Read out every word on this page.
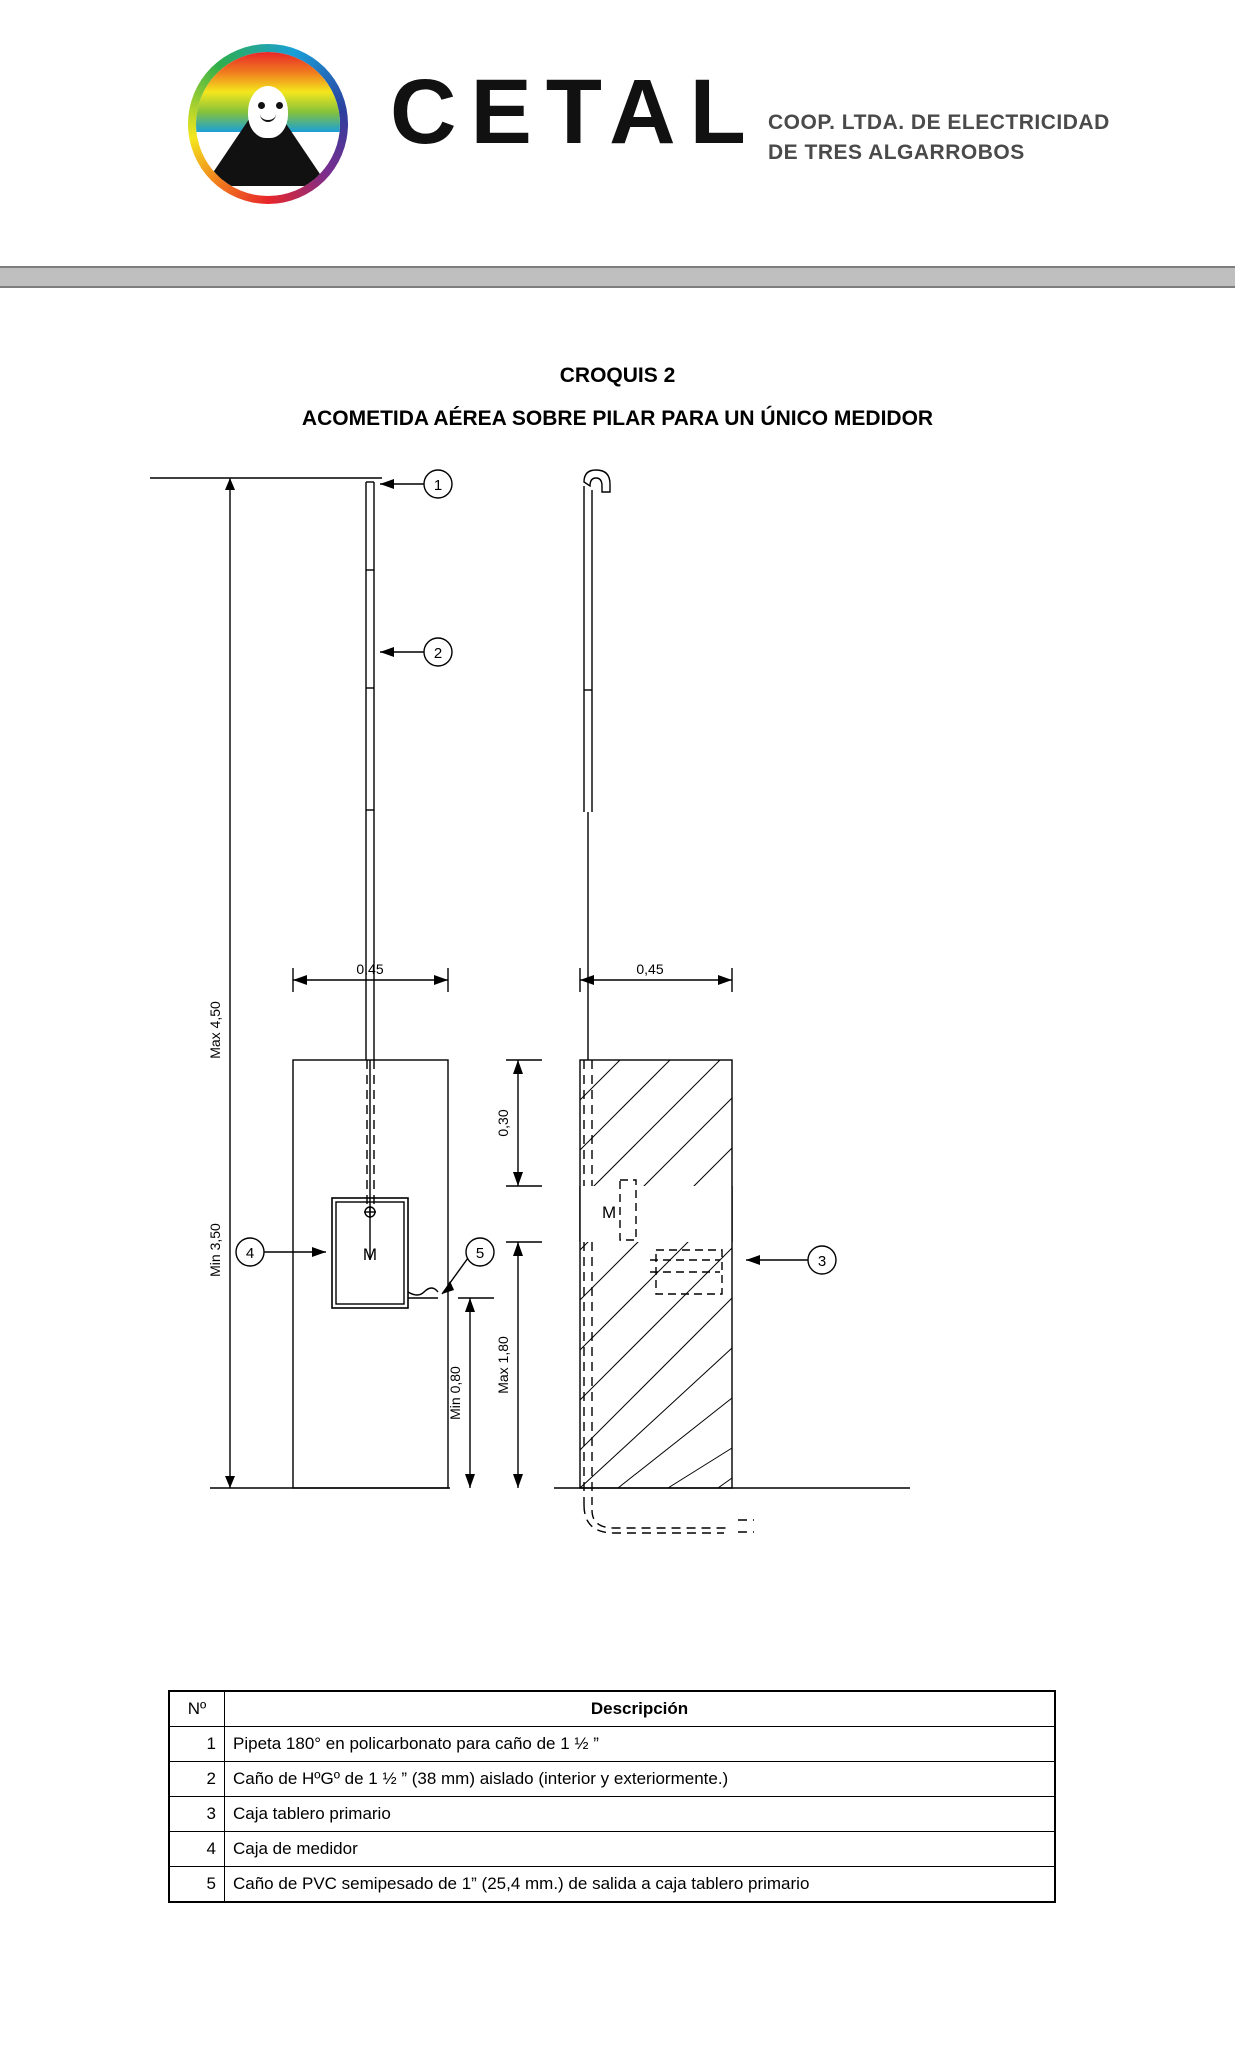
C E T A L
CETAL COOP. LTDA. DE ELECTRICIDAD
DE TRES ALGARROBOS
CROQUIS 2
ACOMETIDA AÉREA SOBRE PILAR PARA UN ÚNICO MEDIDOR
M
M
1
2
3
4	5
Max 4,50
Min 3,50
0,45	0,45
0,30
Max 1,80
Min 0,80
Nº	Descripción
1	Pipeta 180° en policarbonato para caño de 1 ½ ”
2	Caño de HºGº de 1 ½ ” (38 mm) aislado (interior y exteriormente.)
3	Caja tablero primario
4	Caja de medidor
5	Caño de PVC semipesado de 1” (25,4 mm.) de salida a caja tablero primario
